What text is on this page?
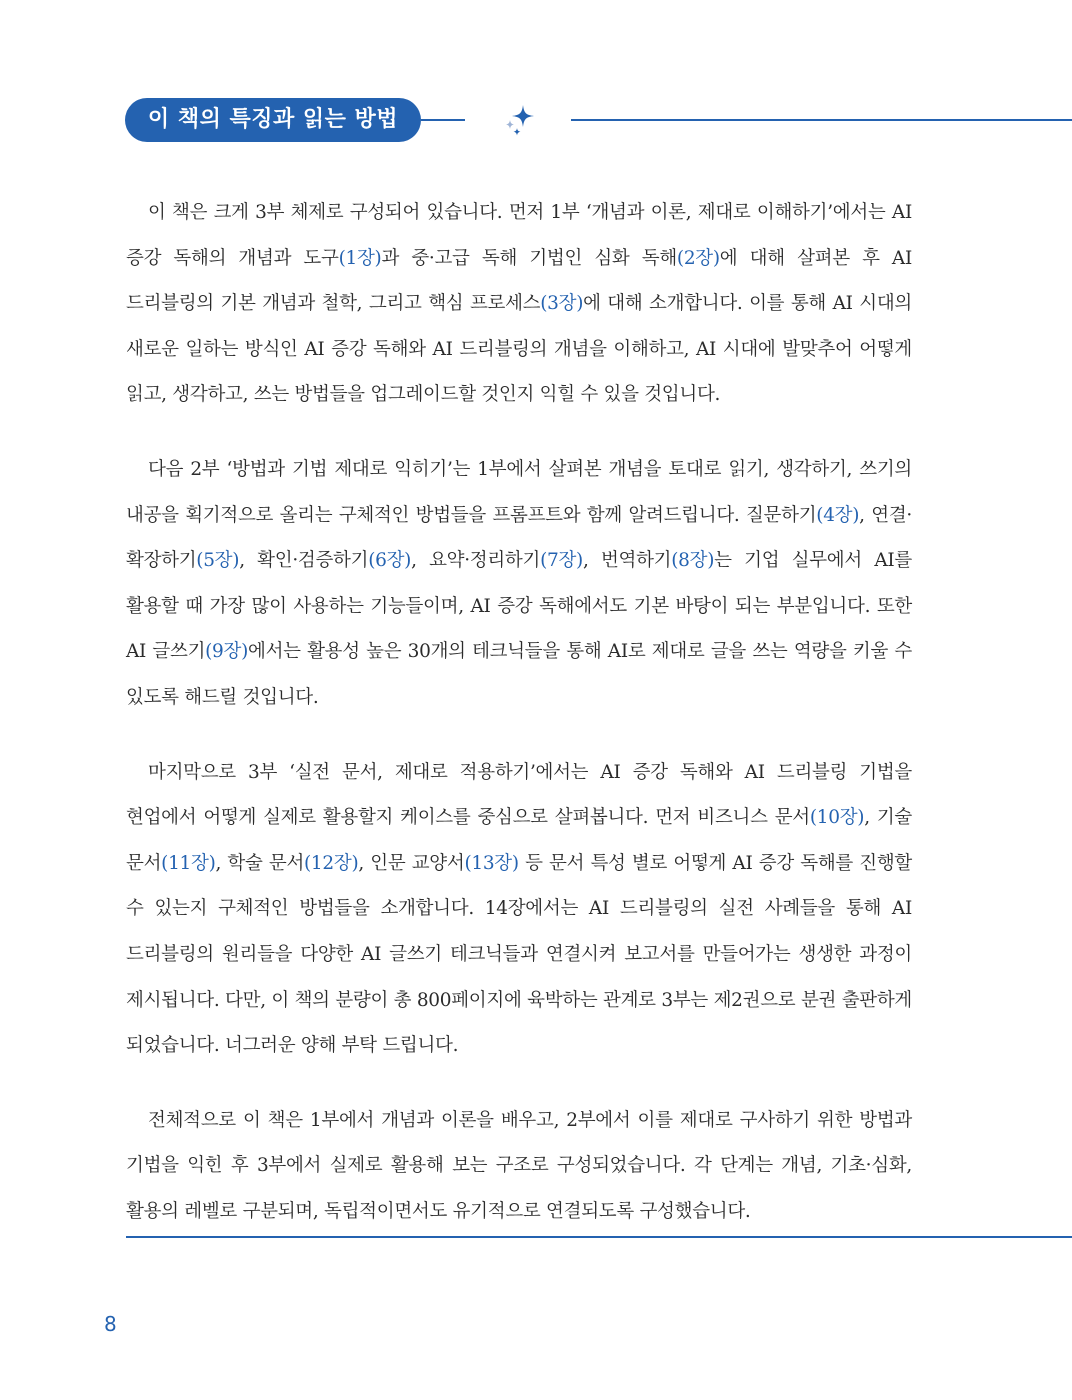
이 책의 특징과 읽는 방법

이 책은 크게 3부 체제로 구성되어 있습니다. 먼저 1부 ‘개념과 이론, 제대로 이해하기’에서는 AI 증강 독해의 개념과 도구(1장)과 중·고급 독해 기법인 심화 독해(2장)에 대해 살펴본 후 AI 드리블링의 기본 개념과 철학, 그리고 핵심 프로세스(3장)에 대해 소개합니다. 이를 통해 AI 시대의 새로운 일하는 방식인 AI 증강 독해와 AI 드리블링의 개념을 이해하고, AI 시대에 발맞추어 어떻게 읽고, 생각하고, 쓰는 방법들을 업그레이드할 것인지 익힐 수 있을 것입니다.

다음 2부 ‘방법과 기법 제대로 익히기’는 1부에서 살펴본 개념을 토대로 읽기, 생각하기, 쓰기의 내공을 획기적으로 올리는 구체적인 방법들을 프롬프트와 함께 알려드립니다. 질문하기(4장), 연결·확장하기(5장), 확인·검증하기(6장), 요약·정리하기(7장), 번역하기(8장)는 기업 실무에서 AI를 활용할 때 가장 많이 사용하는 기능들이며, AI 증강 독해에서도 기본 바탕이 되는 부분입니다. 또한 AI 글쓰기(9장)에서는 활용성 높은 30개의 테크닉들을 통해 AI로 제대로 글을 쓰는 역량을 키울 수 있도록 해드릴 것입니다.

마지막으로 3부 ‘실전 문서, 제대로 적용하기’에서는 AI 증강 독해와 AI 드리블링 기법을 현업에서 어떻게 실제로 활용할지 케이스를 중심으로 살펴봅니다. 먼저 비즈니스 문서(10장), 기술 문서(11장), 학술 문서(12장), 인문 교양서(13장) 등 문서 특성 별로 어떻게 AI 증강 독해를 진행할 수 있는지 구체적인 방법들을 소개합니다. 14장에서는 AI 드리블링의 실전 사례들을 통해 AI 드리블링의 원리들을 다양한 AI 글쓰기 테크닉들과 연결시켜 보고서를 만들어가는 생생한 과정이 제시됩니다. 다만, 이 책의 분량이 총 800페이지에 육박하는 관계로 3부는 제2권으로 분권 출판하게 되었습니다. 너그러운 양해 부탁 드립니다.

전체적으로 이 책은 1부에서 개념과 이론을 배우고, 2부에서 이를 제대로 구사하기 위한 방법과 기법을 익힌 후 3부에서 실제로 활용해 보는 구조로 구성되었습니다. 각 단계는 개념, 기초·심화, 활용의 레벨로 구분되며, 독립적이면서도 유기적으로 연결되도록 구성했습니다.

8
